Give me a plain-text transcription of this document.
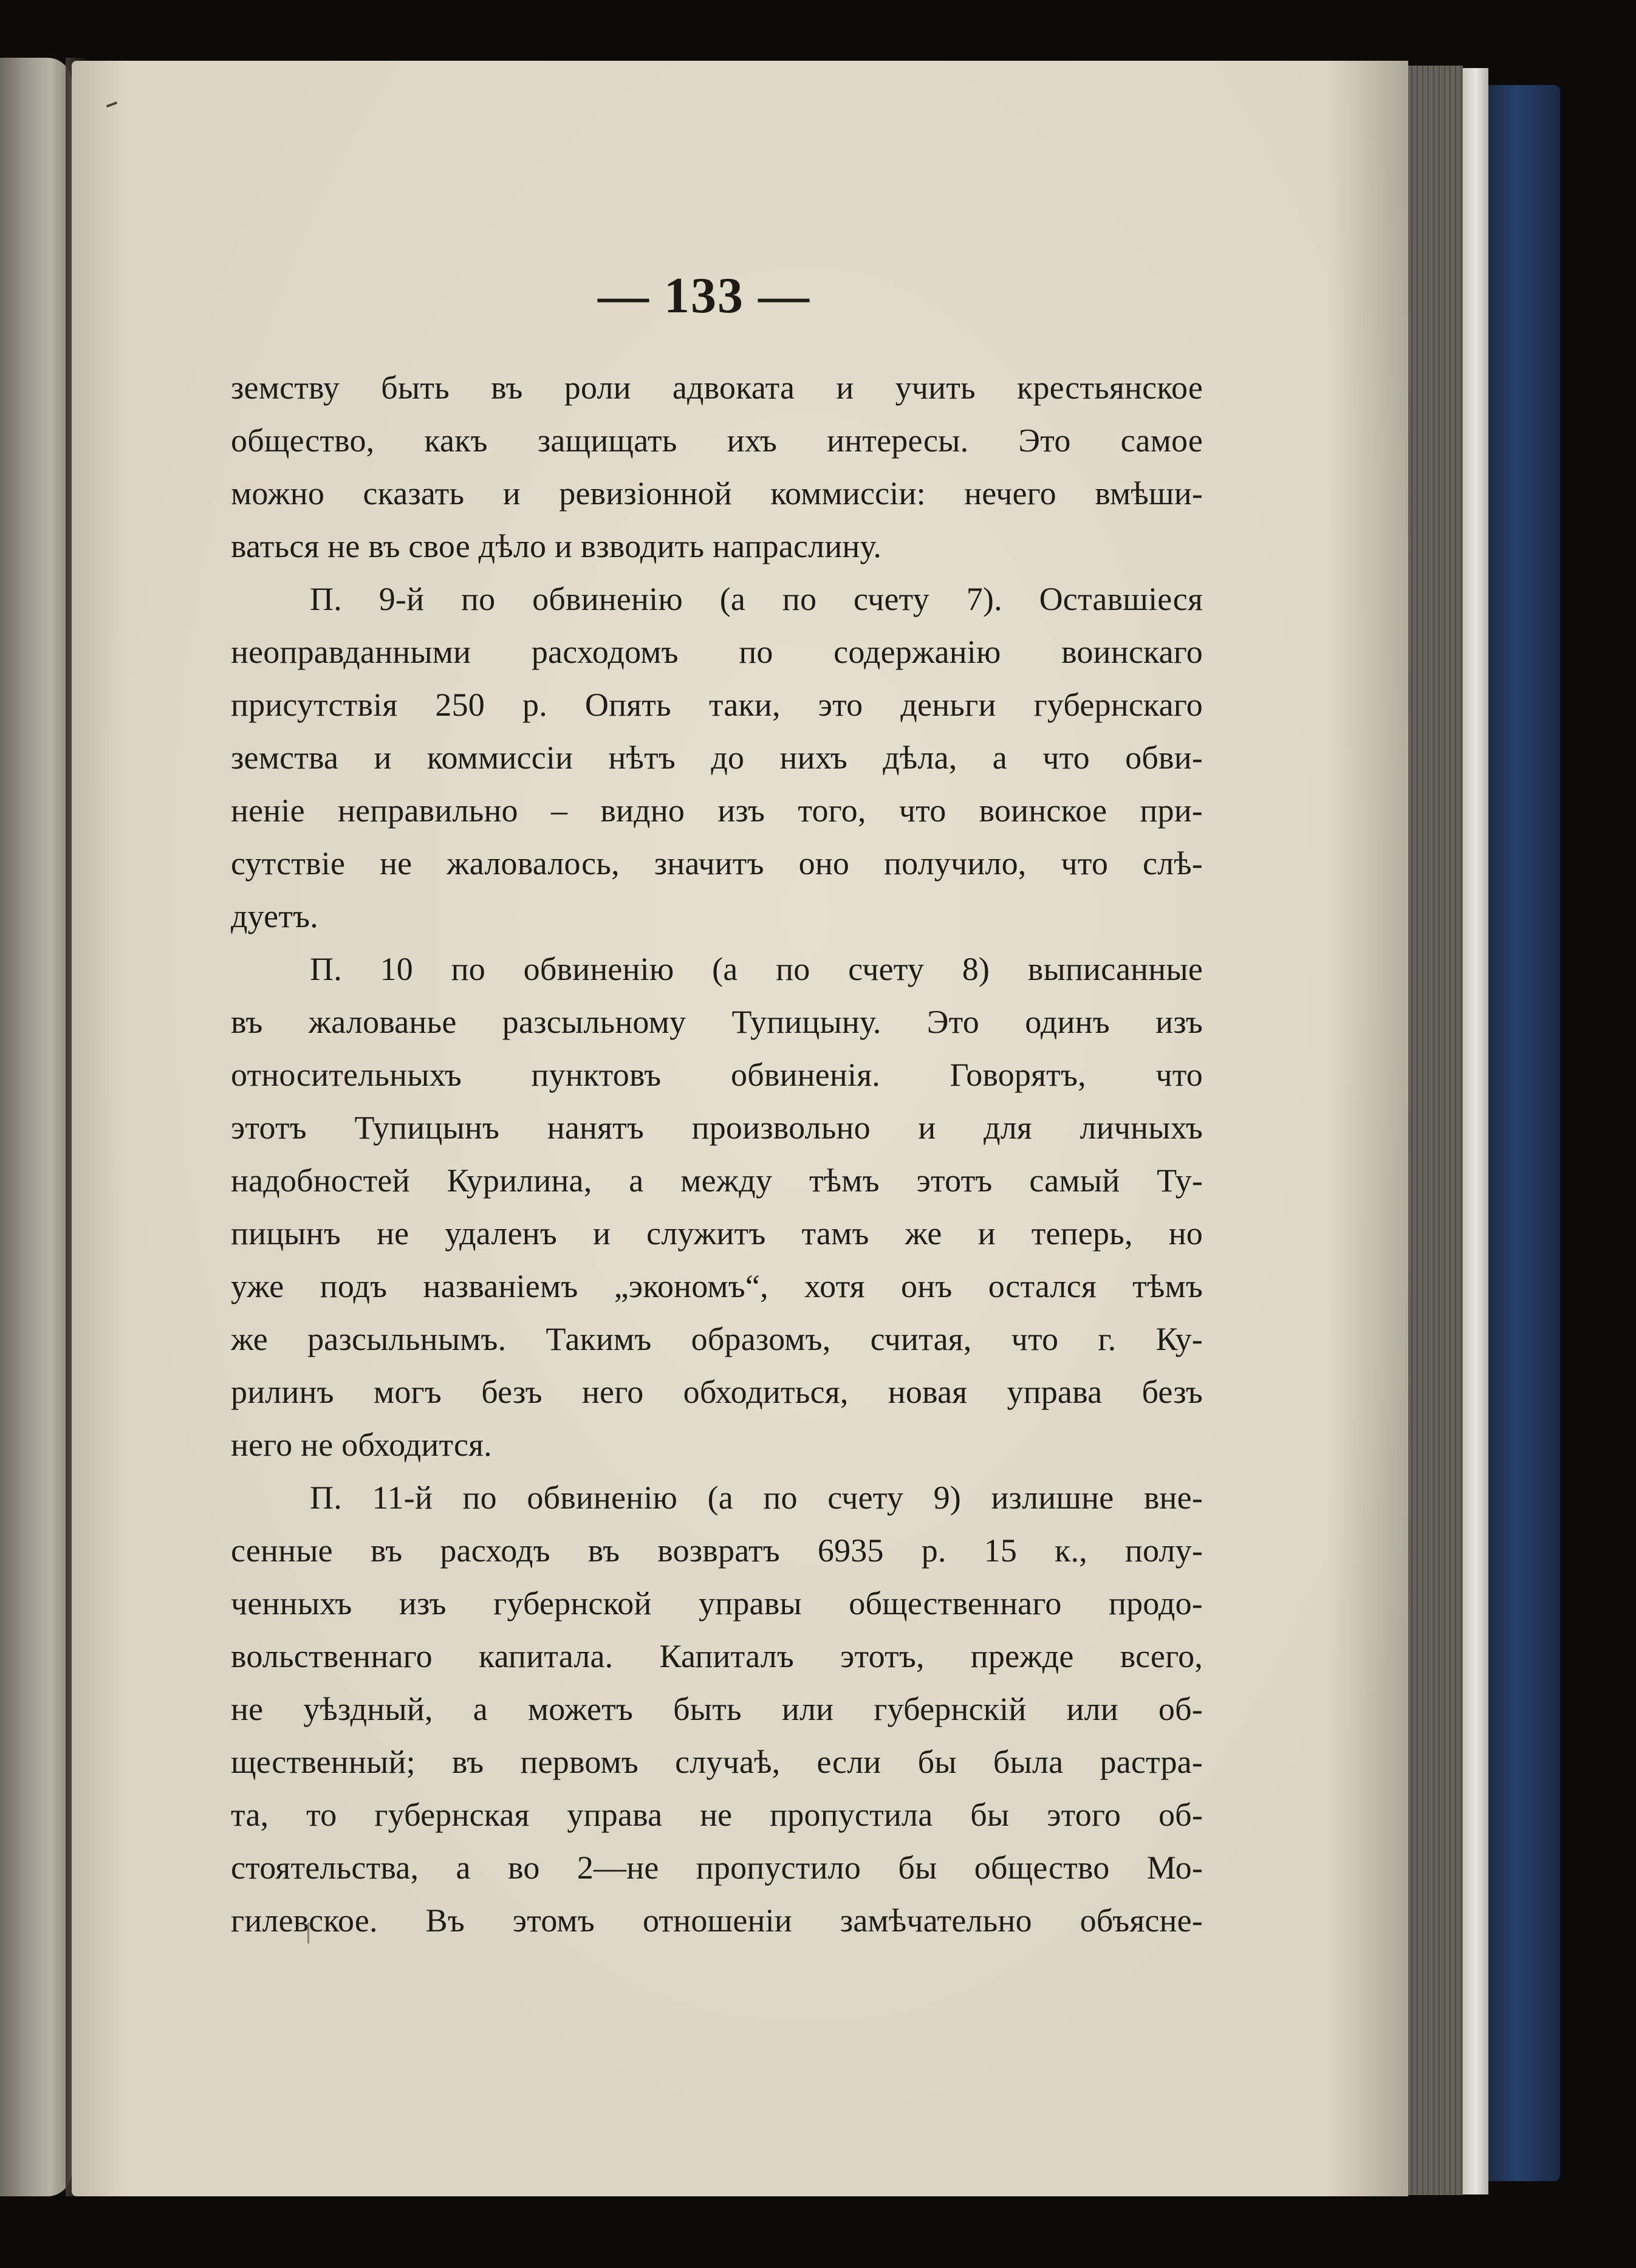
— 133 —
земству быть въ роли адвоката и учить крестьянское
общество, какъ защищать ихъ интересы. Это самое
можно сказать и ревизіонной коммиссіи: нечего вмѣши-
ваться не въ свое дѣло и взводить напраслину.
П. 9-й по обвиненію (а по счету 7). Оставшіеся
неоправданными расходомъ по содержанію воинскаго
присутствія 250 р. Опять таки, это деньги губернскаго
земства и коммиссіи нѣтъ до нихъ дѣла, а что обви-
неніе неправильно – видно изъ того, что воинское при-
сутствіе не жаловалось, значитъ оно получило, что слѣ-
дуетъ.
П. 10 по обвиненію (а по счету 8) выписанные
въ жалованье разсыльному Тупицыну. Это одинъ изъ
относительныхъ пунктовъ обвиненія. Говорятъ, что
этотъ Тупицынъ нанятъ произвольно и для личныхъ
надобностей Курилина, а между тѣмъ этотъ самый Ту-
пицынъ не удаленъ и служитъ тамъ же и теперь, но
уже подъ названіемъ „экономъ“, хотя онъ остался тѣмъ
же разсыльнымъ. Такимъ образомъ, считая, что г. Ку-
рилинъ могъ безъ него обходиться, новая управа безъ
него не обходится.
П. 11-й по обвиненію (а по счету 9) излишне вне-
сенные въ расходъ въ возвратъ 6935 р. 15 к., полу-
ченныхъ изъ губернской управы общественнаго продо-
вольственнаго капитала. Капиталъ этотъ, прежде всего,
не уѣздный, а можетъ быть или губернскій или об-
щественный; въ первомъ случаѣ, если бы была растра-
та, то губернская управа не пропустила бы этого об-
стоятельства, а во 2—не пропустило бы общество Мо-
гилевское. Въ этомъ отношеніи замѣчательно объясне-
